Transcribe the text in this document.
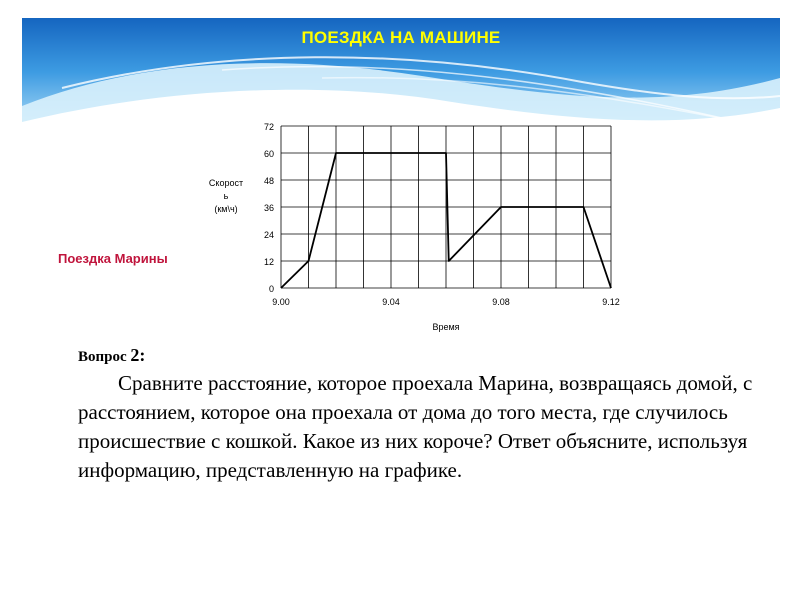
ПОЕЗДКА НА МАШИНЕ
Поездка Марины
0
12
24
36
48
60
72
9.00	9.04	9.08	9.12
Скорост
ь
(км\ч)
Время
Вопрос 2:
Сравните расстояние, которое проехала Марина, возвращаясь домой, с расстоянием, которое она проехала от дома до того места, где случилось происшествие с кошкой. Какое из них короче? Ответ объясните, используя информацию, представленную на графике.
